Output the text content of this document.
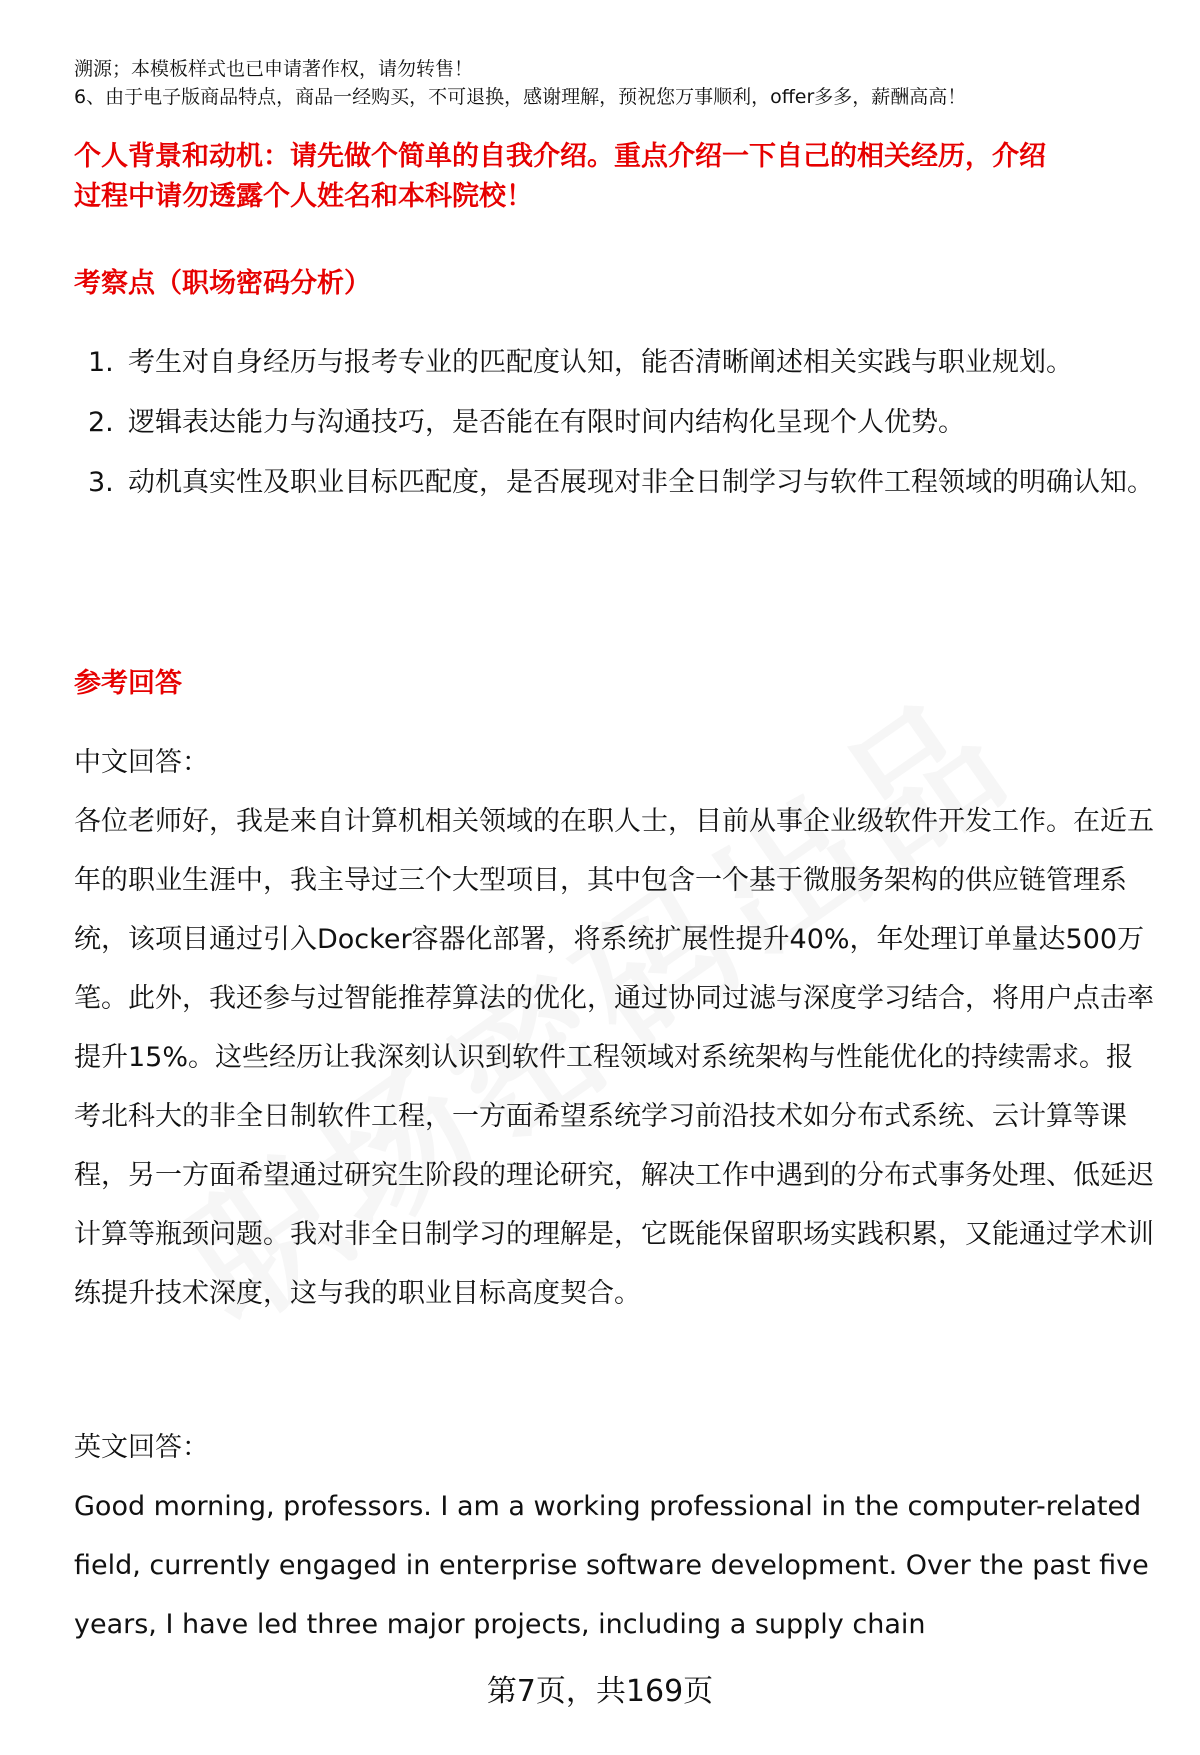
溯源；本模板样式也已申请著作权，请勿转售！
6、由于电子版商品特点，商品一经购买，不可退换，感谢理解，预祝您万事顺利，offer多多，薪酬高高！
个人背景和动机：请先做个简单的自我介绍。重点介绍一下自己的相关经历，介绍
过程中请勿透露个人姓名和本科院校！
考察点（职场密码分析）
1. 考生对自身经历与报考专业的匹配度认知，能否清晰阐述相关实践与职业规划。
2. 逻辑表达能力与沟通技巧，是否能在有限时间内结构化呈现个人优势。
3. 动机真实性及职业目标匹配度，是否展现对非全日制学习与软件工程领域的明确认知。
参考回答
中文回答：
各位老师好，我是来自计算机相关领域的在职人士，目前从事企业级软件开发工作。在近五年的职业生涯中，我主导过三个大型项目，其中包含一个基于微服务架构的供应链管理系统，该项目通过引入Docker容器化部署，将系统扩展性提升40%，年处理订单量达500万笔。此外，我还参与过智能推荐算法的优化，通过协同过滤与深度学习结合，将用户点击率提升15%。这些经历让我深刻认识到软件工程领域对系统架构与性能优化的持续需求。报考北科大的非全日制软件工程，一方面希望系统学习前沿技术如分布式系统、云计算等课程，另一方面希望通过研究生阶段的理论研究，解决工作中遇到的分布式事务处理、低延迟计算等瓶颈问题。我对非全日制学习的理解是，它既能保留职场实践积累，又能通过学术训练提升技术深度，这与我的职业目标高度契合。
英文回答：
Good morning, professors. I am a working professional in the computer-related field, currently engaged in enterprise software development. Over the past five years, I have led three major projects, including a supply chain
第7页，共169页
